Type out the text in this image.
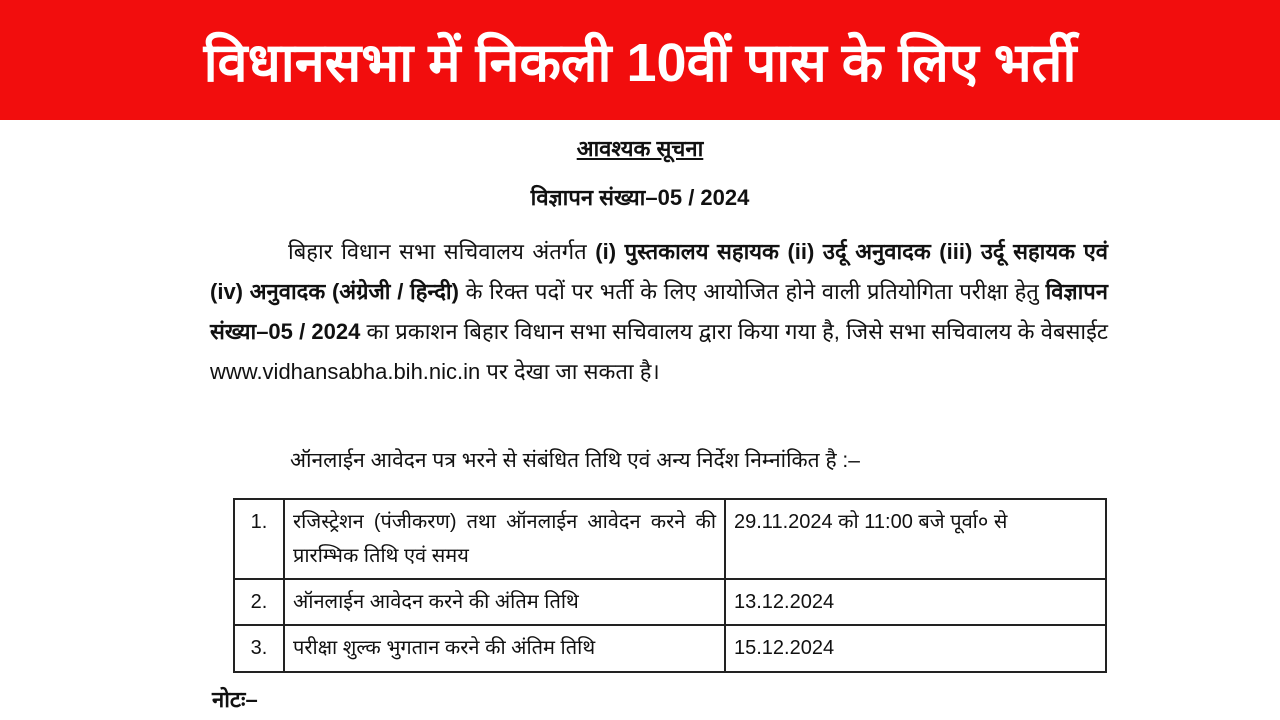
विधानसभा में निकली 10वीं पास के लिए भर्ती
आवश्यक सूचना
विज्ञापन संख्या–05 / 2024

बिहार विधान सभा सचिवालय अंतर्गत (i) पुस्तकालय सहायक (ii) उर्दू अनुवादक (iii) उर्दू सहायक एवं (iv) अनुवादक (अंग्रेजी / हिन्दी) के रिक्त पदों पर भर्ती के लिए आयोजित होने वाली प्रतियोगिता परीक्षा हेतु विज्ञापन संख्या–05 / 2024 का प्रकाशन बिहार विधान सभा सचिवालय द्वारा किया गया है, जिसे सभा सचिवालय के वेबसाईट www.vidhansabha.bih.nic.in पर देखा जा सकता है।

ऑनलाईन आवेदन पत्र भरने से संबंधित तिथि एवं अन्य निर्देश निम्नांकित है :–
1.	रजिस्ट्रेशन (पंजीकरण) तथा ऑनलाईन आवेदन करने की प्रारम्भिक तिथि एवं समय	29.11.2024 को 11:00 बजे पूर्वा० से
2.	ऑनलाईन आवेदन करने की अंतिम तिथि	13.12.2024
3.	परीक्षा शुल्क भुगतान करने की अंतिम तिथि	15.12.2024
नोटः–
